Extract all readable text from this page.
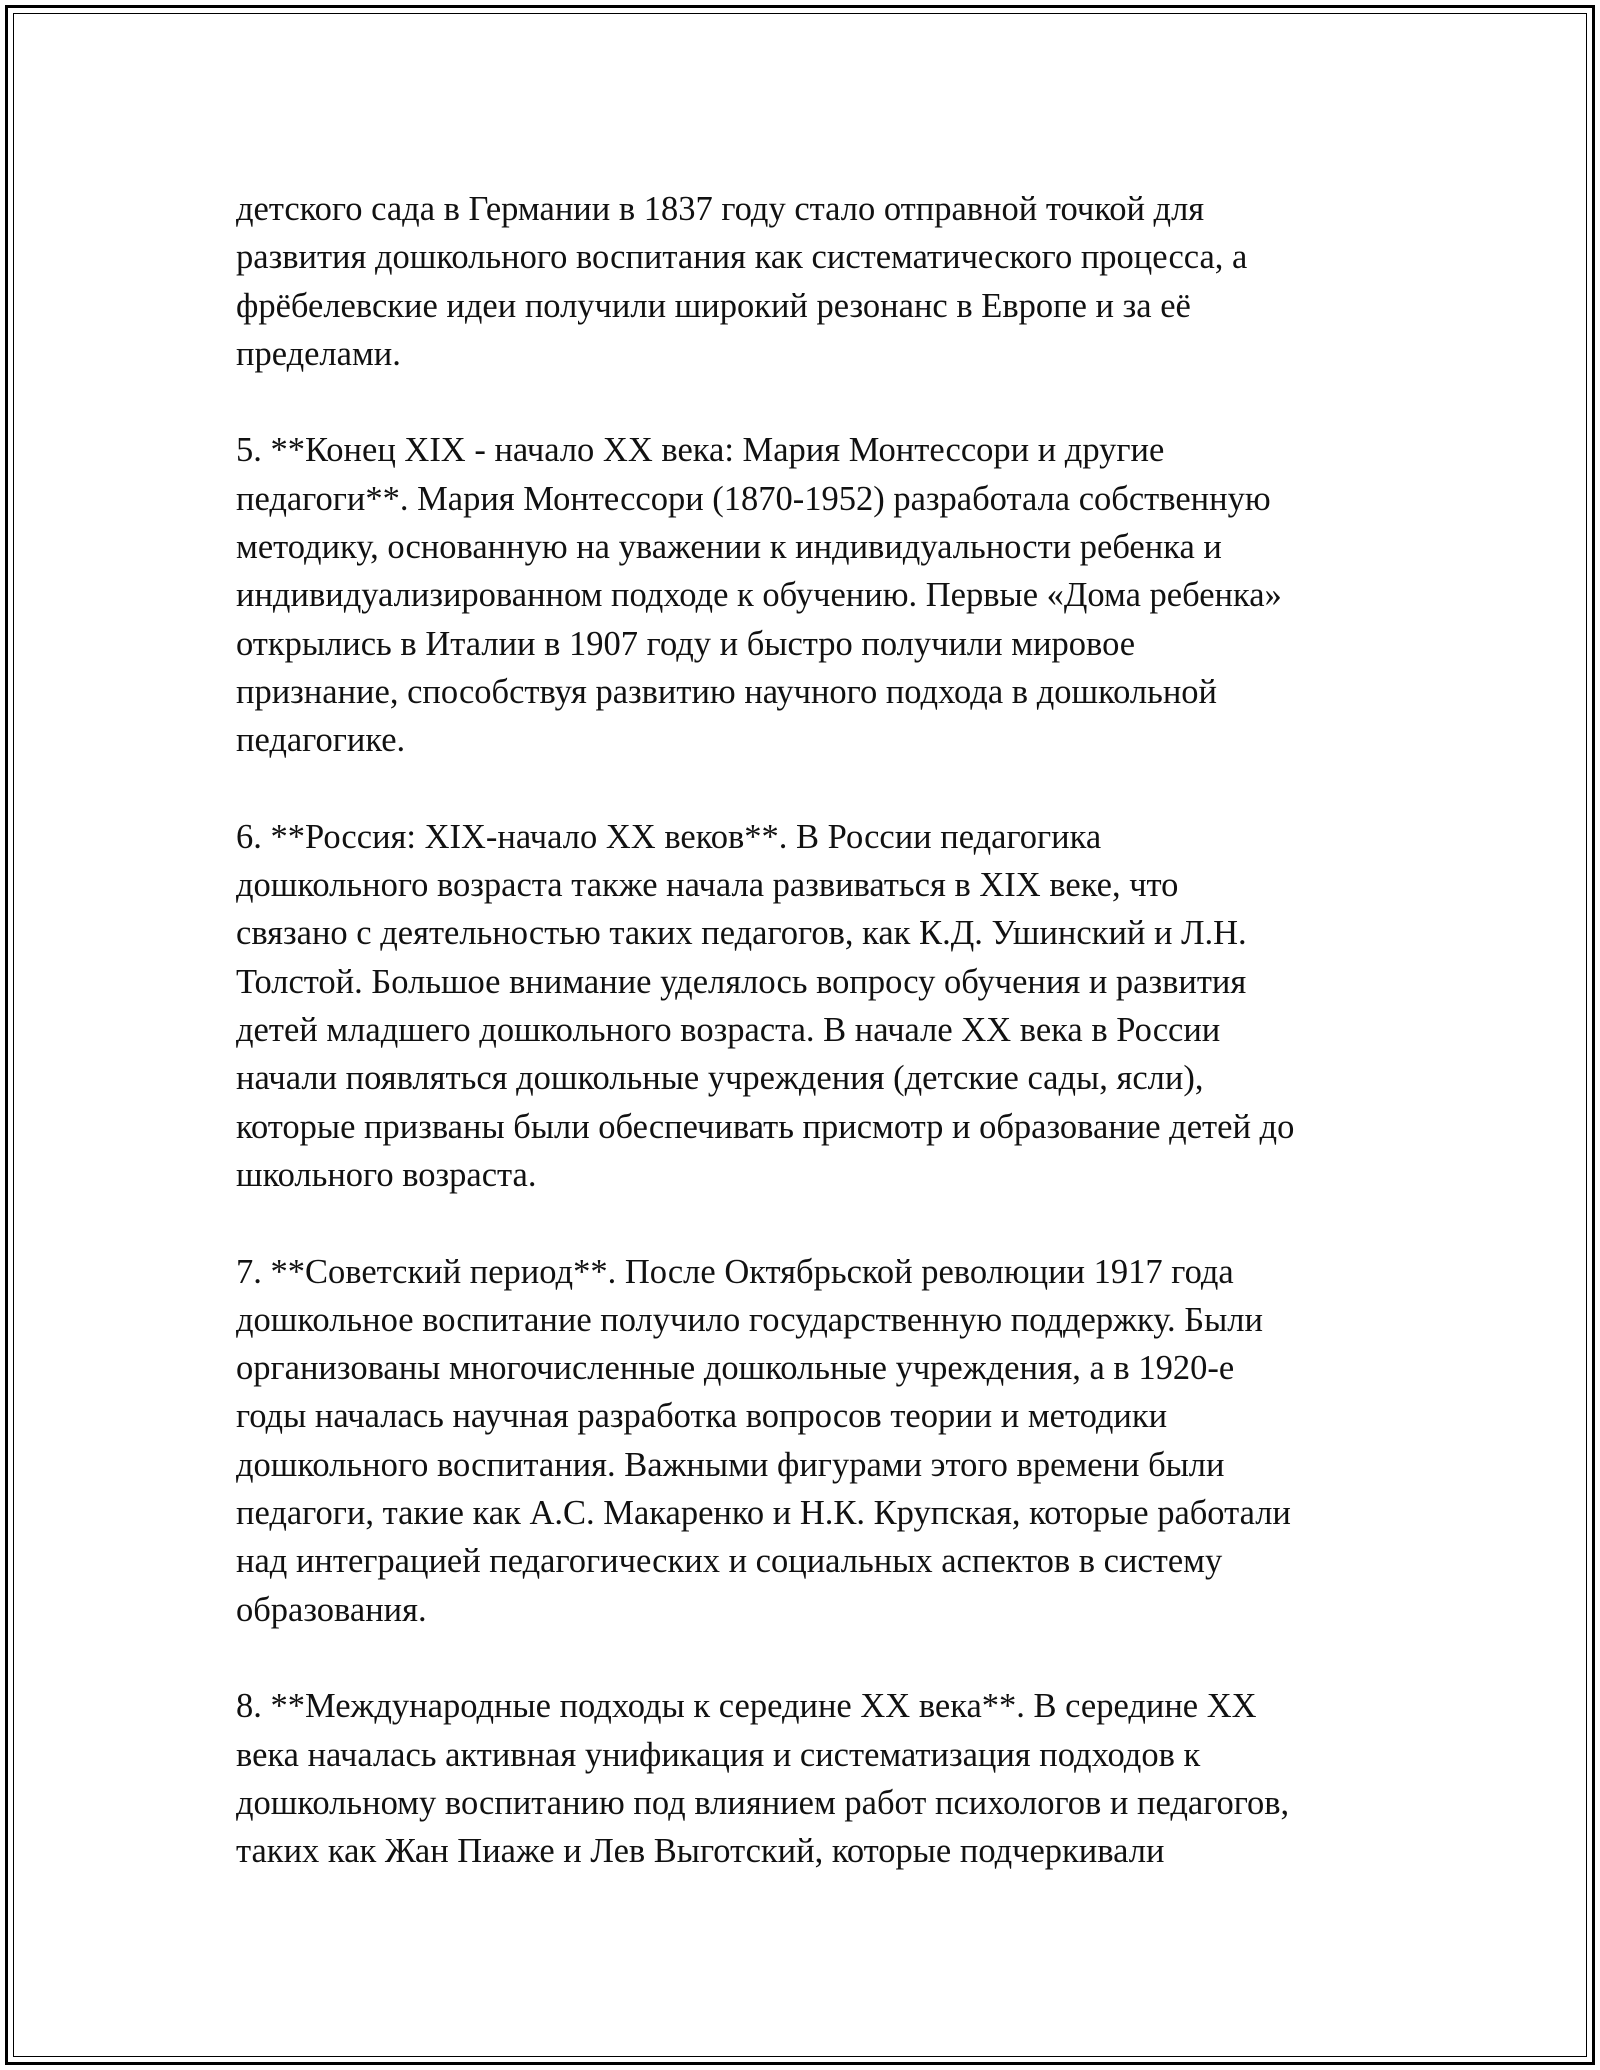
детского сада в Германии в 1837 году стало отправной точкой для
развития дошкольного воспитания как систематического процесса, а
фрёбелевские идеи получили широкий резонанс в Европе и за её
пределами.

5. **Конец XIX - начало XX века: Мария Монтессори и другие
педагоги**. Мария Монтессори (1870-1952) разработала собственную
методику, основанную на уважении к индивидуальности ребенка и
индивидуализированном подходе к обучению. Первые «Дома ребенка»
открылись в Италии в 1907 году и быстро получили мировое
признание, способствуя развитию научного подхода в дошкольной
педагогике.

6. **Россия: XIX-начало XX веков**. В России педагогика
дошкольного возраста также начала развиваться в XIX веке, что
связано с деятельностью таких педагогов, как К.Д. Ушинский и Л.Н.
Толстой. Большое внимание уделялось вопросу обучения и развития
детей младшего дошкольного возраста. В начале XX века в России
начали появляться дошкольные учреждения (детские сады, ясли),
которые призваны были обеспечивать присмотр и образование детей до
школьного возраста.

7. **Советский период**. После Октябрьской революции 1917 года
дошкольное воспитание получило государственную поддержку. Были
организованы многочисленные дошкольные учреждения, а в 1920-е
годы началась научная разработка вопросов теории и методики
дошкольного воспитания. Важными фигурами этого времени были
педагоги, такие как А.С. Макаренко и Н.К. Крупская, которые работали
над интеграцией педагогических и социальных аспектов в систему
образования.

8. **Международные подходы к середине XX века**. В середине XX
века началась активная унификация и систематизация подходов к
дошкольному воспитанию под влиянием работ психологов и педагогов,
таких как Жан Пиаже и Лев Выготский, которые подчеркивали
